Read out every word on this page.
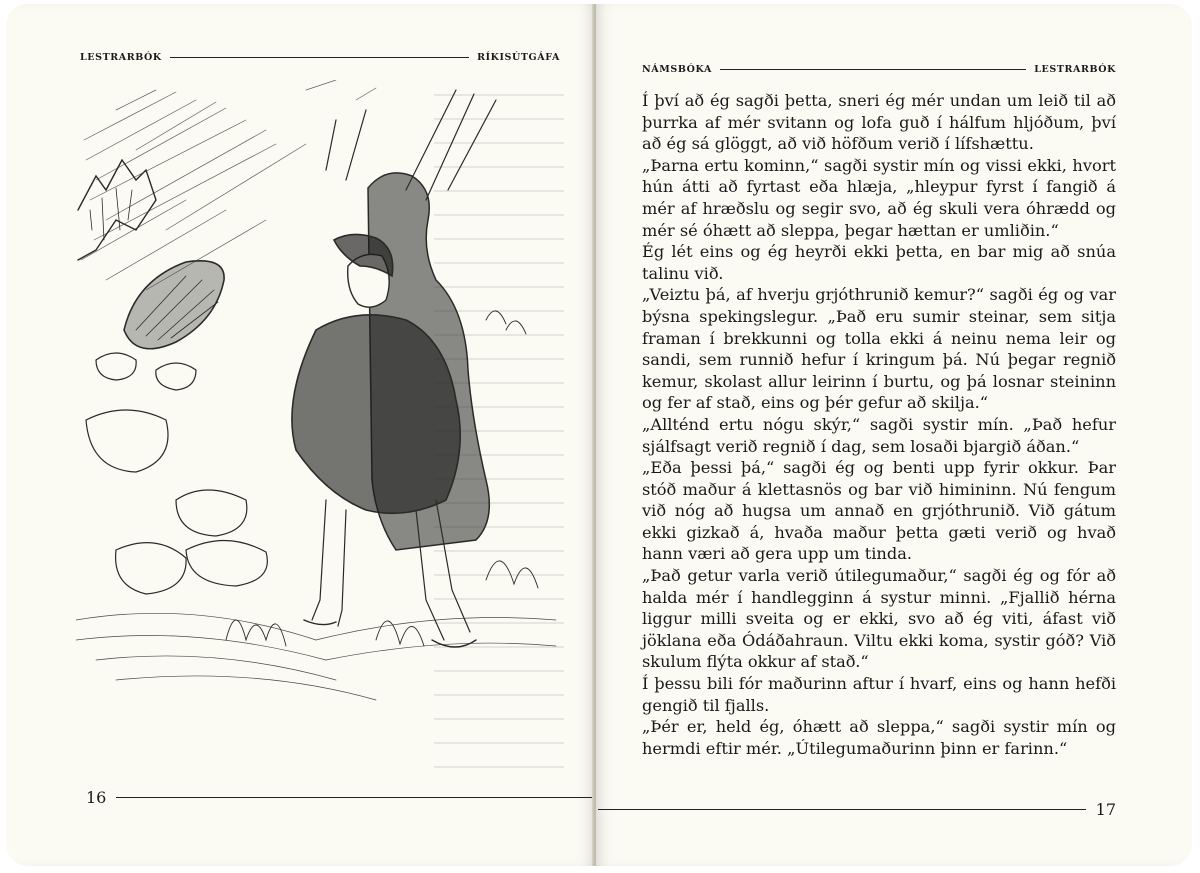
LESTRARBÓK	RÍKISÚTGÁFA
16
NÁMSBÓKA	LESTRARBÓK

Í því að ég sagði þetta, sneri ég mér undan um leið til að þurrka af mér svitann og lofa guð í hálfum hljóðum, því að ég sá glöggt, að við höfðum verið í lífshættu.

„Þarna ertu kominn,“ sagði systir mín og vissi ekki, hvort hún átti að fyrtast eða hlæja, „hleypur fyrst í fangið á mér af hræðslu og segir svo, að ég skuli vera óhrædd og mér sé óhætt að sleppa, þegar hættan er umliðin.“

Ég lét eins og ég heyrði ekki þetta, en bar mig að snúa talinu við.

„Veiztu þá, af hverju grjóthrunið kemur?“ sagði ég og var býsna spekingslegur. „Það eru sumir steinar, sem sitja framan í brekkunni og tolla ekki á neinu nema leir og sandi, sem runnið hefur í kringum þá. Nú þegar regnið kemur, skolast allur leirinn í burtu, og þá losnar steininn og fer af stað, eins og þér gefur að skilja.“

„Allténd ertu nógu skýr,“ sagði systir mín. „Það hefur sjálfsagt verið regnið í dag, sem losaði bjargið áðan.“

„Eða þessi þá,“ sagði ég og benti upp fyrir okkur. Þar stóð maður á klettasnös og bar við himininn. Nú fengum við nóg að hugsa um annað en grjóthrunið. Við gátum ekki gizkað á, hvaða maður þetta gæti verið og hvað hann væri að gera upp um tinda.

„Það getur varla verið útilegumaður,“ sagði ég og fór að halda mér í handlegginn á systur minni. „Fjallið hérna liggur milli sveita og er ekki, svo að ég viti, áfast við jöklana eða Ódáðahraun. Viltu ekki koma, systir góð? Við skulum flýta okkur af stað.“

Í þessu bili fór maðurinn aftur í hvarf, eins og hann hefði gengið til fjalls.

„Þér er, held ég, óhætt að sleppa,“ sagði systir mín og hermdi eftir mér. „Útilegumaðurinn þinn er farinn.“

17
